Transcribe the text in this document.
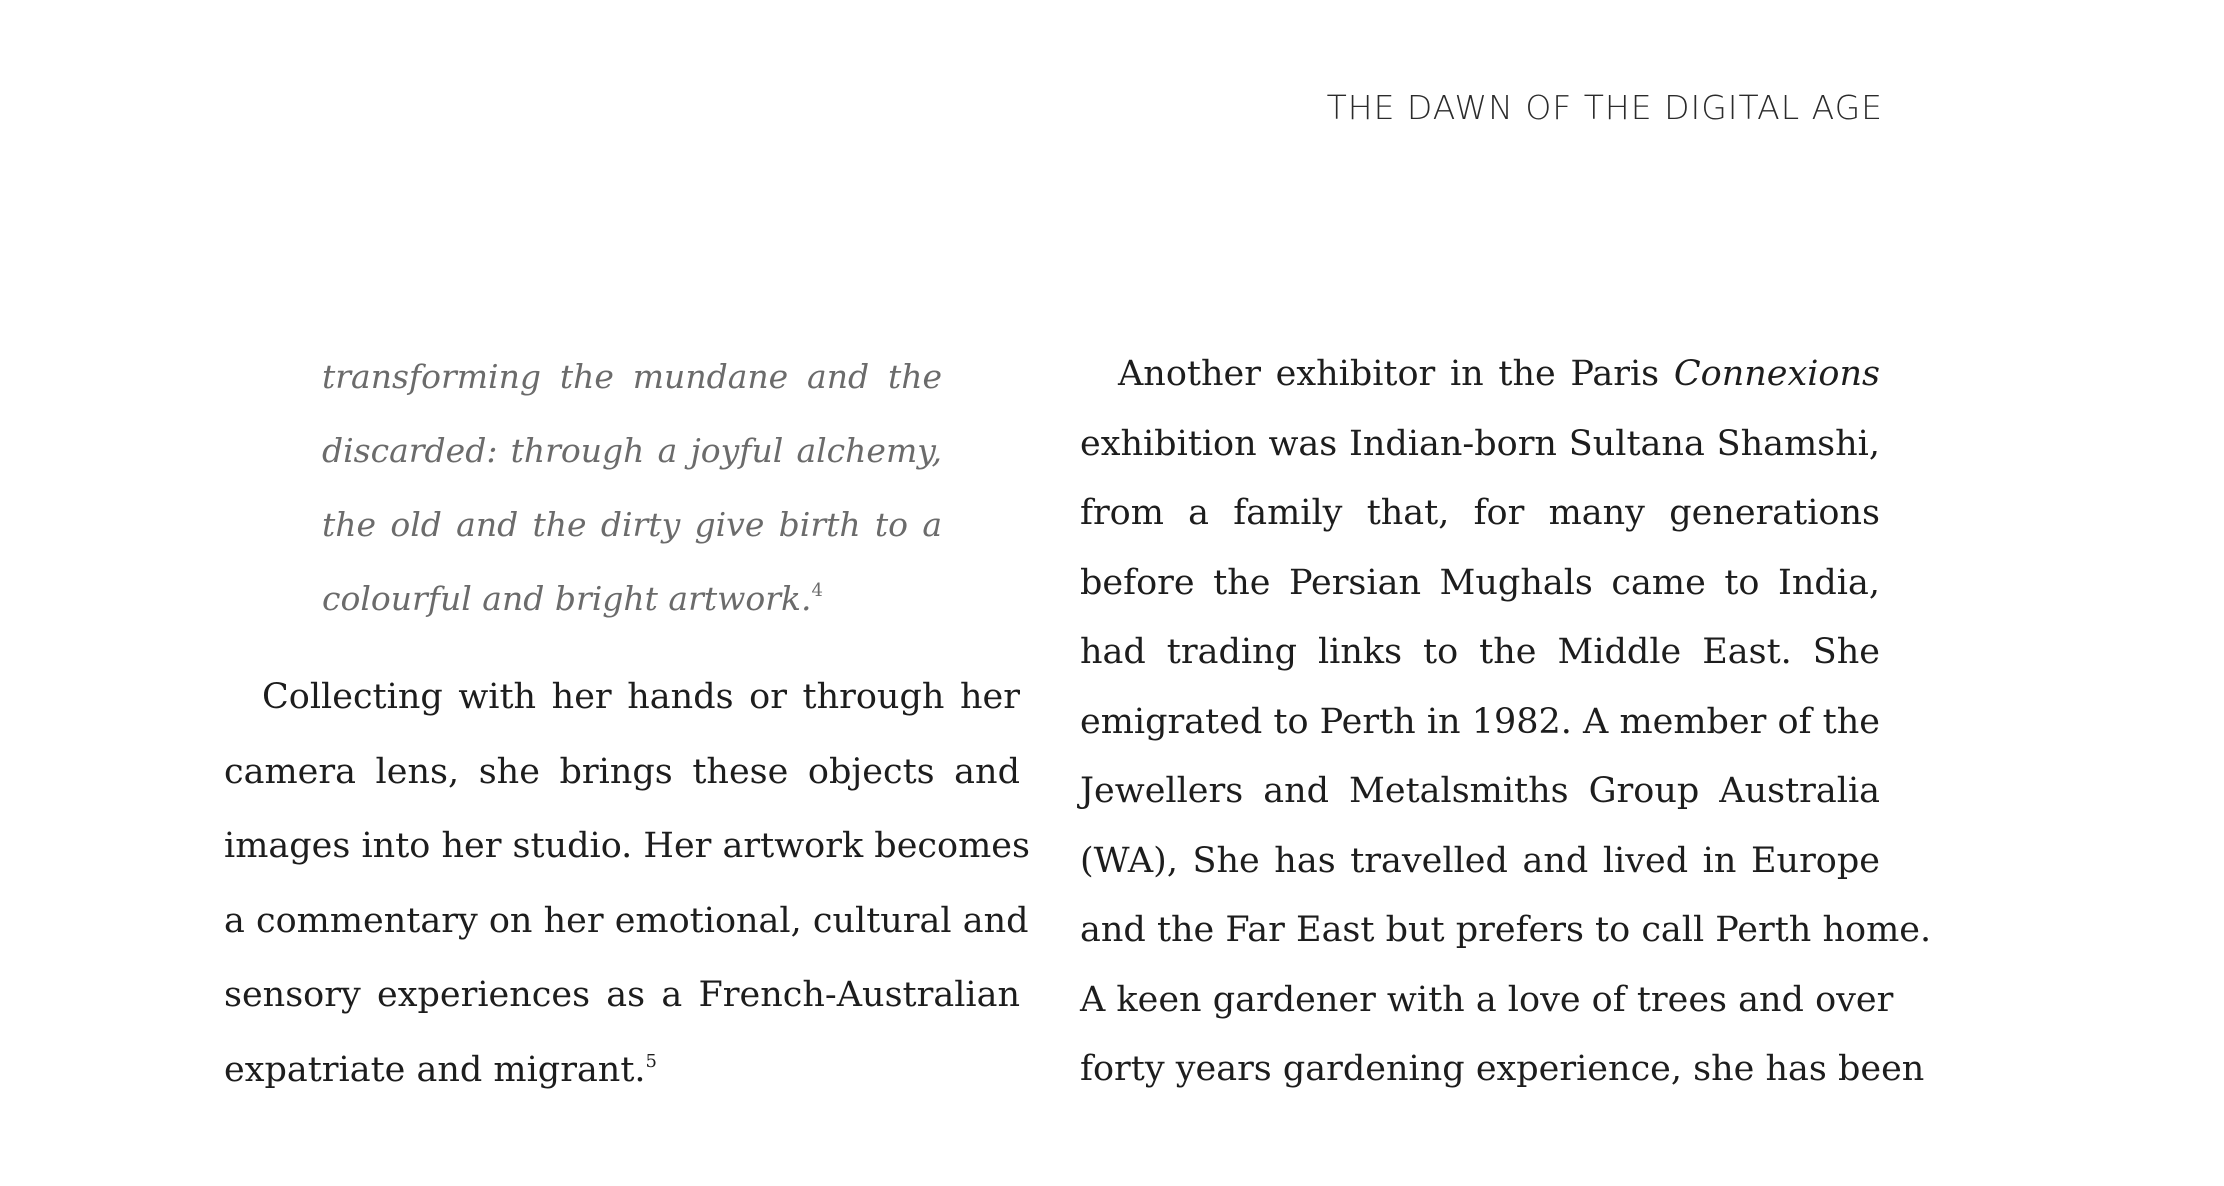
THE DAWN OF THE DIGITAL AGE
transforming the mundane and the
discarded: through a joyful alchemy,
the old and the dirty give birth to a
colourful and bright artwork.$^4$
Collecting with her hands or through her
camera lens, she brings these objects and
images into her studio. Her artwork becomes
a commentary on her emotional, cultural and
sensory experiences as a French-Australian
expatriate and migrant.$^5$
Another exhibitor in the Paris Connexions
exhibition was Indian-born Sultana Shamshi,
from a family that, for many generations
before the Persian Mughals came to India,
had trading links to the Middle East. She
emigrated to Perth in 1982. A member of the
Jewellers and Metalsmiths Group Australia
(WA), She has travelled and lived in Europe
and the Far East but prefers to call Perth home.
A keen gardener with a love of trees and over
forty years gardening experience, she has been
